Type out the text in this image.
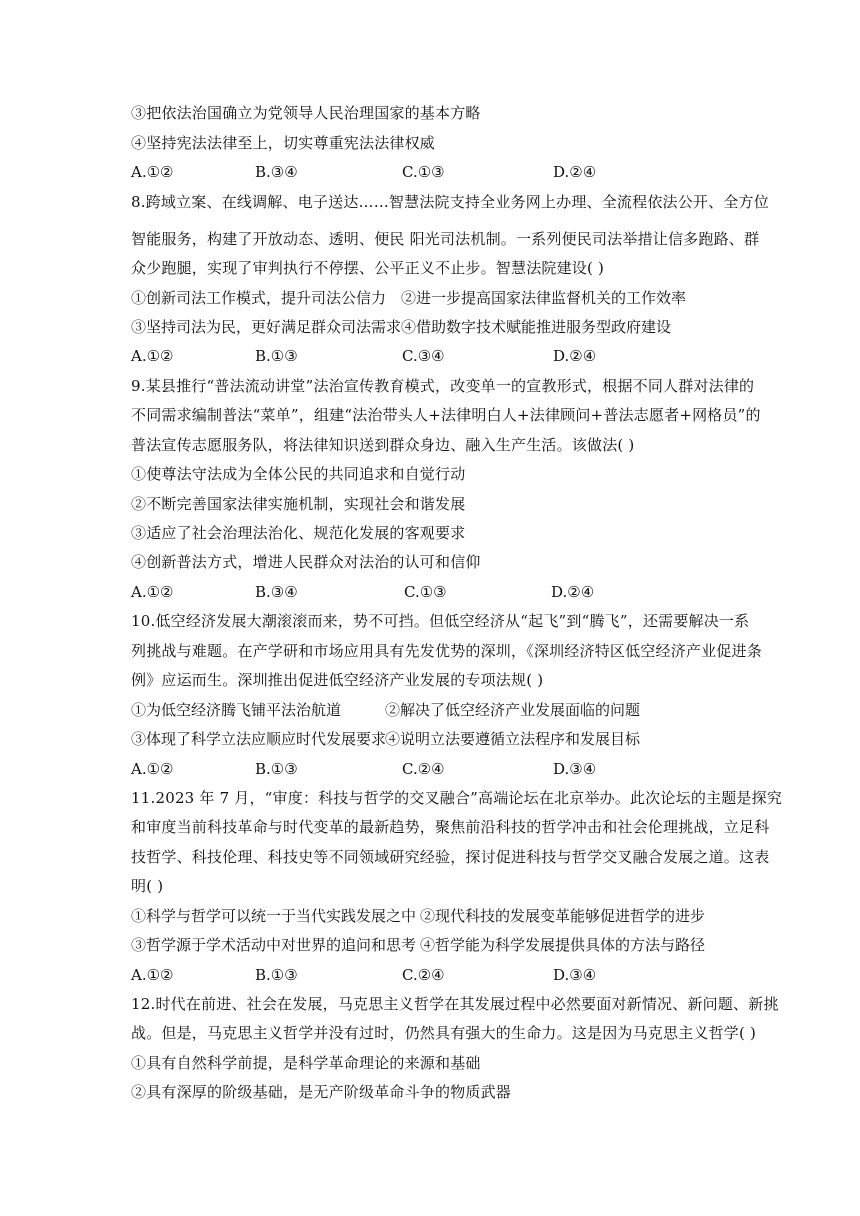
③把依法治国确立为党领导人民治理国家的基本方略
④坚持宪法法律至上，切实尊重宪法法律权威
A.①②	B.③④	C.①③	D.②④
8.跨域立案、在线调解、电子送达……智慧法院支持全业务网上办理、全流程依法公开、全方位
智能服务，构建了开放动态、透明、便民 阳光司法机制。一系列便民司法举措让信多跑路、群
众少跑腿，实现了审判执行不停摆、公平正义不止步。智慧法院建设( )
①创新司法工作模式，提升司法公信力 ②进一步提高国家法律监督机关的工作效率
③坚持司法为民，更好满足群众司法需求 ④借助数字技术赋能推进服务型政府建设
A.①②	B.①③	C.③④	D.②④
9.某县推行“普法流动讲堂”法治宣传教育模式，改变单一的宣教形式，根据不同人群对法律的
不同需求编制普法“菜单”，组建“法治带头人+法律明白人+法律顾问+普法志愿者+网格员”的
普法宣传志愿服务队，将法律知识送到群众身边、融入生产生活。该做法( )
①使尊法守法成为全体公民的共同追求和自觉行动
②不断完善国家法律实施机制，实现社会和谐发展
③适应了社会治理法治化、规范化发展的客观要求
④创新普法方式，增进人民群众对法治的认可和信仰
A.①②	B.③④	C.①③	D.②④
10.低空经济发展大潮滚滚而来，势不可挡。但低空经济从“起飞”到“腾飞”，还需要解决一系
列挑战与难题。在产学研和市场应用具有先发优势的深圳，《深圳经济特区低空经济产业促进条
例》应运而生。深圳推出促进低空经济产业发展的专项法规( )
①为低空经济腾飞铺平法治航道	②解决了低空经济产业发展面临的问题
③体现了科学立法应顺应时代发展要求
④说明立法要遵循立法程序和发展目标
A.①②	B.①③	C.②④	D.③④
11.2023 年 7 月，“审度：科技与哲学的交叉融合”高端论坛在北京举办。此次论坛的主题是探究
和审度当前科技革命与时代变革的最新趋势，聚焦前沿科技的哲学冲击和社会伦理挑战，立足科
技哲学、科技伦理、科技史等不同领域研究经验，探讨促进科技与哲学交叉融合发展之道。这表
明( )
①科学与哲学可以统一于当代实践发展之中 ②现代科技的发展变革能够促进哲学的进步
③哲学源于学术活动中对世界的追问和思考 ④哲学能为科学发展提供具体的方法与路径
A.①②	B.①③	C.②④	D.③④
12.时代在前进、社会在发展，马克思主义哲学在其发展过程中必然要面对新情况、新问题、新挑
战。但是，马克思主义哲学并没有过时，仍然具有强大的生命力。这是因为马克思主义哲学( )
①具有自然科学前提，是科学革命理论的来源和基础
②具有深厚的阶级基础，是无产阶级革命斗争的物质武器
